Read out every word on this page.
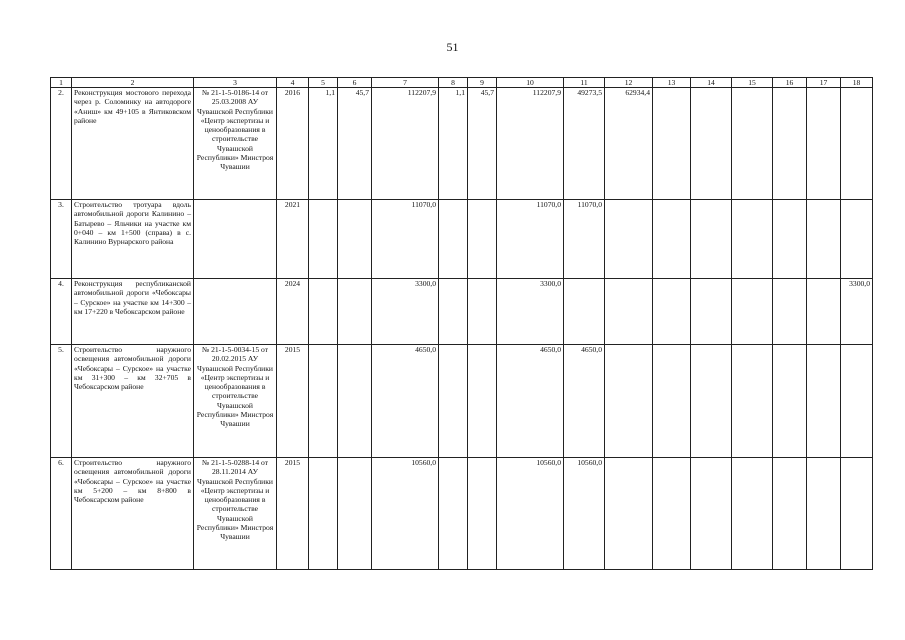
51
1	2	3	4	5	6	7	8	9	10	11	12	13	14	15	16	17	18
2.	Реконструкция мостового перехода через р. Соломинку на автодороге «Аниш» км 49+105 в Янтиковском районе	№ 21-1-5-0186-14 от 25.03.2008 АУ Чувашской Республики «Центр экспертизы и ценообразования в строительстве Чувашской Республики» Минстроя Чувашии	2016	1,1	45,7	112207,9	1,1	45,7	112207,9	49273,5	62934,4						
3.	Строительство тротуара вдоль автомобильной дороги Калинино – Батырево – Яльчики на участке км 0+040 – км 1+500 (справа) в с. Калинино Вурнарского района		2021			11070,0			11070,0	11070,0							
4.	Реконструкция республиканской автомобильной дороги «Чебоксары – Сурское» на участке км 14+300 – км 17+220 в Чебоксарском районе		2024			3300,0			3300,0								3300,0
5.	Строительство наружного освещения автомобильной дороги «Чебоксары – Сурское» на участке км 31+300 – км 32+705 в Чебоксарском районе	№ 21-1-5-0034-15 от 20.02.2015 АУ Чувашской Республики «Центр экспертизы и ценообразования в строительстве Чувашской Республики» Минстроя Чувашии	2015			4650,0			4650,0	4650,0							
6.	Строительство наружного освещения автомобильной дороги «Чебоксары – Сурское» на участке км 5+200 – км 8+800 в Чебоксарском районе	№ 21-1-5-0288-14 от 28.11.2014 АУ Чувашской Республики «Центр экспертизы и ценообразования в строительстве Чувашской Республики» Минстроя Чувашии	2015			10560,0			10560,0	10560,0							
